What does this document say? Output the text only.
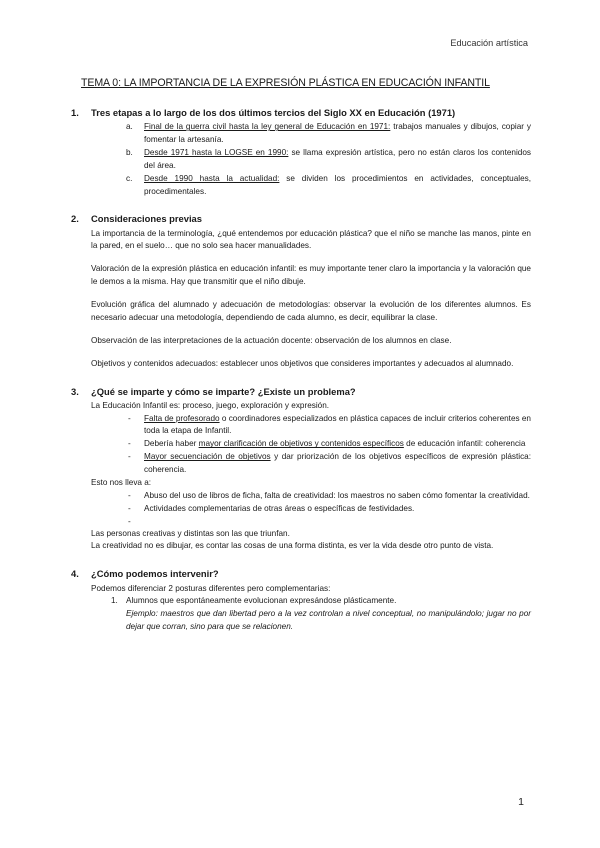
Educación artística
TEMA 0: LA IMPORTANCIA DE LA EXPRESIÓN PLÁSTICA EN EDUCACIÓN INFANTIL
1. Tres etapas a lo largo de los dos últimos tercios del Siglo XX en Educación (1971)
a. Final de la guerra civil hasta la ley general de Educación en 1971: trabajos manuales y dibujos, copiar y fomentar la artesanía.
b. Desde 1971 hasta la LOGSE en 1990: se llama expresión artística, pero no están claros los contenidos del área.
c. Desde 1990 hasta la actualidad: se dividen los procedimientos en actividades, conceptuales, procedimentales.
2. Consideraciones previas

La importancia de la terminología, ¿qué entendemos por educación plástica? que el niño se manche las manos, pinte en la pared, en el suelo… que no solo sea hacer manualidades.

Valoración de la expresión plástica en educación infantil: es muy importante tener claro la importancia y la valoración que le demos a la misma. Hay que transmitir que el niño dibuje.

Evolución gráfica del alumnado y adecuación de metodologías: observar la evolución de los diferentes alumnos. Es necesario adecuar una metodología, dependiendo de cada alumno, es decir, equilibrar la clase.

Observación de las interpretaciones de la actuación docente: observación de los alumnos en clase.

Objetivos y contenidos adecuados: establecer unos objetivos que consideres importantes y adecuados al alumnado.

3. ¿Qué se imparte y cómo se imparte? ¿Existe un problema?

La Educación Infantil es: proceso, juego, exploración y expresión.

- Falta de profesorado o coordinadores especializados en plástica capaces de incluir criterios coherentes en toda la etapa de Infantil.
- Debería haber mayor clarificación de objetivos y contenidos específicos de educación infantil: coherencia
- Mayor secuenciación de objetivos y dar priorización de los objetivos específicos de expresión plástica: coherencia.

Esto nos lleva a:

- Abuso del uso de libros de ficha, falta de creatividad: los maestros no saben cómo fomentar la creatividad.
- Actividades complementarias de otras áreas o específicas de festividades.
-

Las personas creativas y distintas son las que triunfan.

La creatividad no es dibujar, es contar las cosas de una forma distinta, es ver la vida desde otro punto de vista.

4. ¿Cómo podemos intervenir?

Podemos diferenciar 2 posturas diferentes pero complementarias:

1. Alumnos que espontáneamente evolucionan expresándose plásticamente.

Ejemplo: maestros que dan libertad pero a la vez controlan a nivel conceptual, no manipulándolo; jugar no por dejar que corran, sino para que se relacionen.

1
